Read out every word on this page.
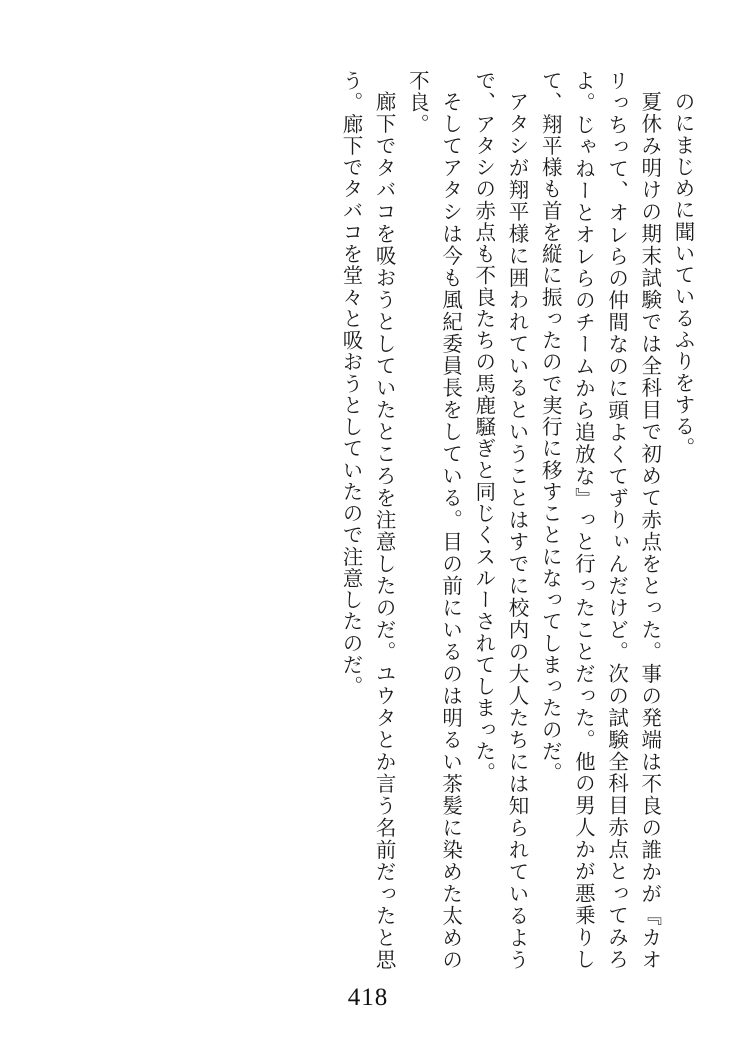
のにまじめに聞いているふりをする。

夏休み明けの期末試験では全科目で初めて赤点をとった。事の発端は不良の誰かが『カオリっちって、オレらの仲間なのに頭よくてずりぃんだけど。次の試験全科目赤点とってみろよ。じゃねーとオレらのチームから追放な』っと行ったことだった。他の男人かが悪乗りして、翔平様も首を縦に振ったので実行に移すことになってしまったのだ。

アタシが翔平様に囲われているということはすでに校内の大人たちには知られているようで、アタシの赤点も不良たちの馬鹿騒ぎと同じくスルーされてしまった。

そしてアタシは今も風紀委員長をしている。目の前にいるのは明るい茶髪に染めた太めの不良。

廊下でタバコを吸おうとしていたところを注意したのだ。ユウタとか言う名前だったと思う。廊下でタバコを堂々と吸おうとしていたので注意したのだ。

418
